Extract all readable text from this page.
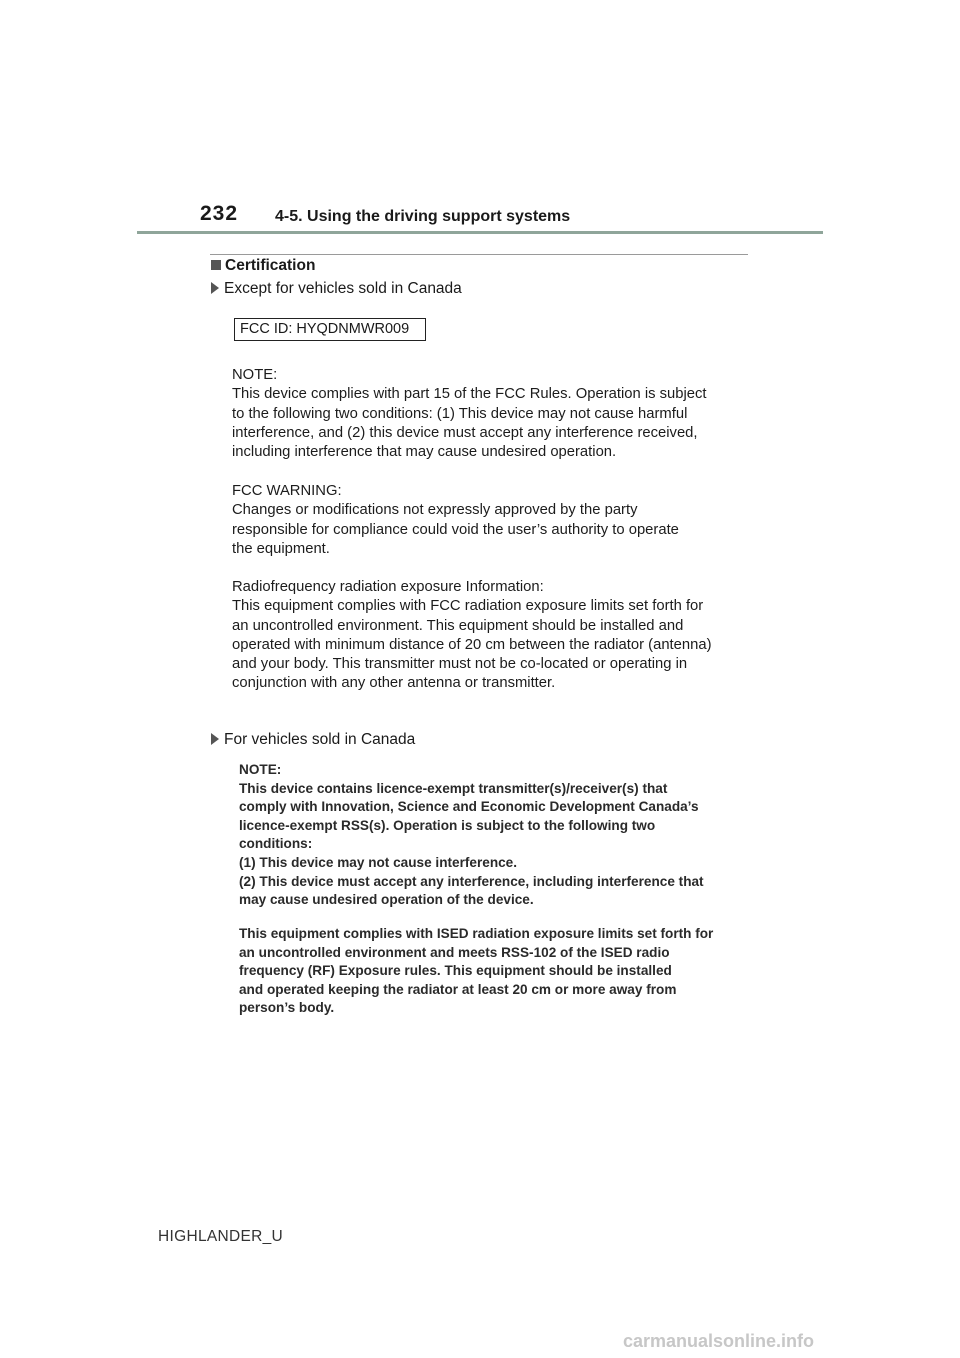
232 4-5. Using the driving support systems
Certification
Except for vehicles sold in Canada
FCC ID: HYQDNMWR009
NOTE:
This device complies with part 15 of the FCC Rules. Operation is subject
to the following two conditions: (1) This device may not cause harmful
interference, and (2) this device must accept any interference received,
including interference that may cause undesired operation.
FCC WARNING:
Changes or modifications not expressly approved by the party
responsible for compliance could void the user’s authority to operate
the equipment.
Radiofrequency radiation exposure Information:
This equipment complies with FCC radiation exposure limits set forth for
an uncontrolled environment. This equipment should be installed and
operated with minimum distance of 20 cm between the radiator (antenna)
and your body. This transmitter must not be co-located or operating in
conjunction with any other antenna or transmitter.
For vehicles sold in Canada
NOTE:
This device contains licence-exempt transmitter(s)/receiver(s) that
comply with Innovation, Science and Economic Development Canada’s
licence-exempt RSS(s). Operation is subject to the following two
conditions:
(1) This device may not cause interference.
(2) This device must accept any interference, including interference that
may cause undesired operation of the device.
This equipment complies with ISED radiation exposure limits set forth for
an uncontrolled environment and meets RSS-102 of the ISED radio
frequency (RF) Exposure rules. This equipment should be installed
and operated keeping the radiator at least 20 cm or more away from
person’s body.
HIGHLANDER_U
carmanualsonline.info
